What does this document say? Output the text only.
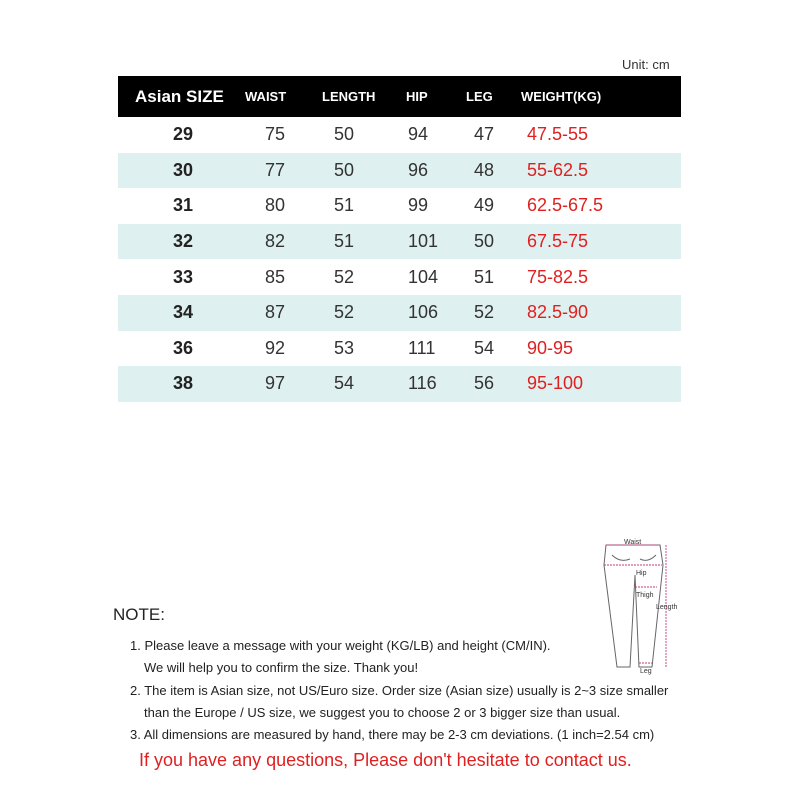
Unit: cm
Asian SIZE	WAIST	LENGTH	HIP	LEG	WEIGHT(KG)
29	75	50	94	47	47.5-55
30	77	50	96	48	55-62.5
31	80	51	99	49	62.5-67.5
32	82	51	101	50	67.5-75
33	85	52	104	51	75-82.5
34	87	52	106	52	82.5-90
36	92	53	111	54	90-95
38	97	54	116	56	95-100
Waist
Hip
Thigh
Length
Leg
NOTE:
1. Please leave a message with your weight (KG/LB) and height (CM/IN).
We will help you to confirm the size. Thank you!
2. The item is Asian size, not US/Euro size. Order size (Asian size) usually is 2~3 size smaller
than the Europe / US size, we suggest you to choose 2 or 3 bigger size than usual.
3. All dimensions are measured by hand, there may be 2-3 cm deviations. (1 inch=2.54 cm)
If you have any questions, Please don't hesitate to contact us.
